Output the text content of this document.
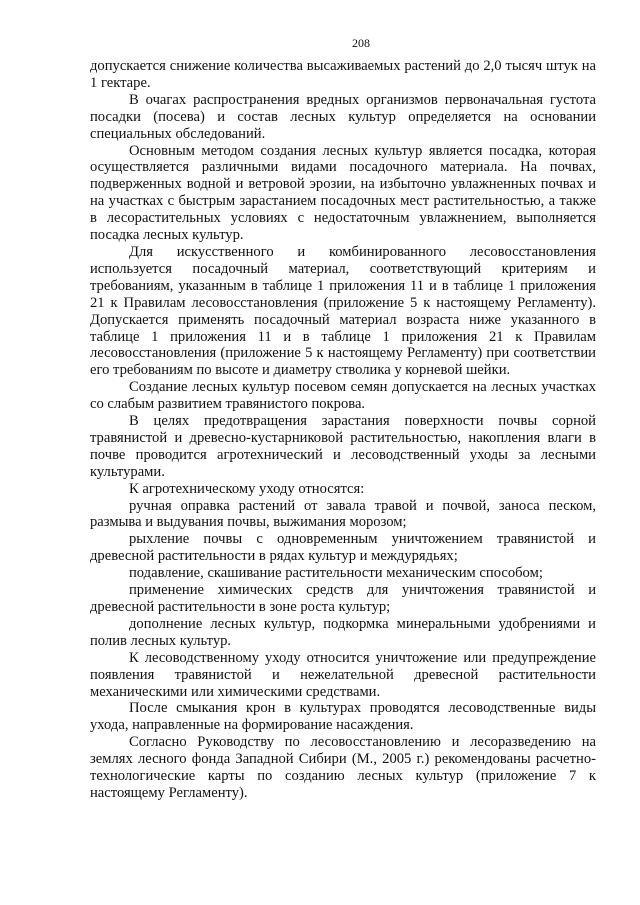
208

допускается снижение количества высаживаемых растений до 2,0 тысяч штук на 1 гектаре.

В очагах распространения вредных организмов первоначальная густота посадки (посева) и состав лесных культур определяется на основании специальных обследований.

Основным методом создания лесных культур является посадка, которая осуществляется различными видами посадочного материала. На почвах, подверженных водной и ветровой эрозии, на избыточно увлажненных почвах и на участках с быстрым зарастанием посадочных мест растительностью, а также в лесорастительных условиях с недостаточным увлажнением, выполняется посадка лесных культур.

Для искусственного и комбинированного лесовосстановления используется посадочный материал, соответствующий критериям и требованиям, указанным в таблице 1 приложения 11 и в таблице 1 приложения 21 к Правилам лесовосстановления (приложение 5 к настоящему Регламенту). Допускается применять посадочный материал возраста ниже указанного в таблице 1 приложения 11 и в таблице 1 приложения 21 к Правилам лесовосстановления (приложение 5 к настоящему Регламенту) при соответствии его требованиям по высоте и диаметру стволика у корневой шейки.

Создание лесных культур посевом семян допускается на лесных участках со слабым развитием травянистого покрова.

В целях предотвращения зарастания поверхности почвы сорной травянистой и древесно-кустарниковой растительностью, накопления влаги в почве проводится агротехнический и лесоводственный уходы за лесными культурами.

К агротехническому уходу относятся:

ручная оправка растений от завала травой и почвой, заноса песком, размыва и выдувания почвы, выжимания морозом;

рыхление почвы с одновременным уничтожением травянистой и древесной растительности в рядах культур и междурядьях;

подавление, скашивание растительности механическим способом;

применение химических средств для уничтожения травянистой и древесной растительности в зоне роста культур;

дополнение лесных культур, подкормка минеральными удобрениями и полив лесных культур.

К лесоводственному уходу относится уничтожение или предупреждение появления травянистой и нежелательной древесной растительности механическими или химическими средствами.

После смыкания крон в культурах проводятся лесоводственные виды ухода, направленные на формирование насаждения.

Согласно Руководству по лесовосстановлению и лесоразведению на землях лесного фонда Западной Сибири (М., 2005 г.) рекомендованы расчетно-технологические карты по созданию лесных культур (приложение 7 к настоящему Регламенту).
